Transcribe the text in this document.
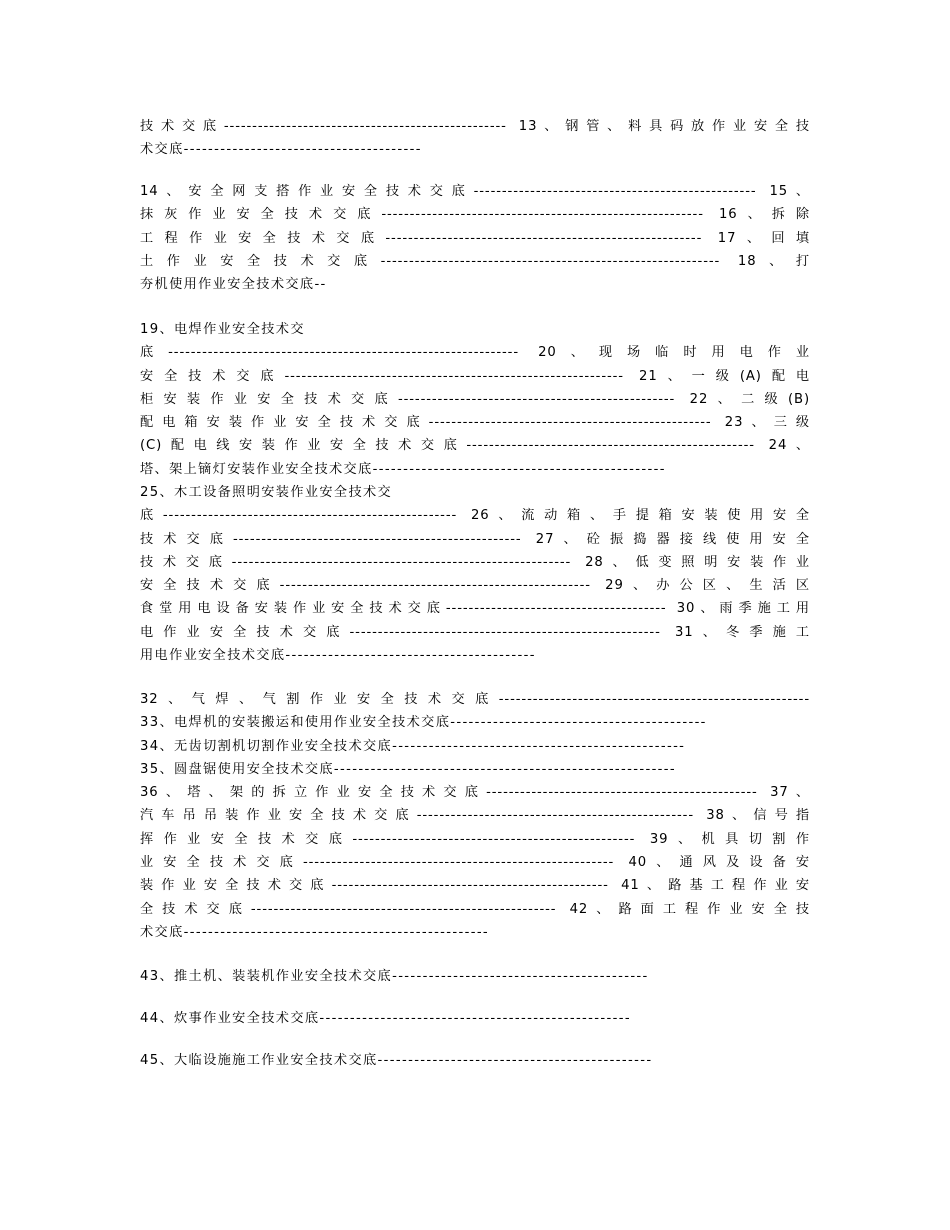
技术交底-------------------------------------------------- 13、钢管、料具码放作业安全技
术交底---------------------------------------
14、安全网支搭作业安全技术交底-------------------------------------------------- 15、
抹灰作业安全技术交底--------------------------------------------------------- 16、拆除
工程作业安全技术交底-------------------------------------------------------- 17、回填
土作业安全技术交底------------------------------------------------------------ 18、打
夯机使用作业安全技术交底--
19、电焊作业安全技术交
底-------------------------------------------------------------- 20、现场临时用电作业
安全技术交底------------------------------------------------------------ 21、一级(A)配电
柜安装作业安全技术交底------------------------------------------------- 22、二级(B)
配电箱安装作业安全技术交底-------------------------------------------------- 23、三级
(C)配电线安装作业安全技术交底--------------------------------------------------- 24、
塔、架上镝灯安装作业安全技术交底------------------------------------------------
25、木工设备照明安装作业安全技术交
底---------------------------------------------------- 26、流动箱、手提箱安装使用安全
技术交底--------------------------------------------------- 27、砼振捣器接线使用安全
技术交底------------------------------------------------------------ 28、低变照明安装作业
安全技术交底------------------------------------------------------- 29、办公区、生活区
食堂用电设备安装作业安全技术交底--------------------------------------- 30、雨季施工用
电作业安全技术交底------------------------------------------------------- 31、冬季施工
用电作业安全技术交底-----------------------------------------
32、气焊、气割作业安全技术交底-------------------------------------------------------
33、电焊机的安装搬运和使用作业安全技术交底------------------------------------------
34、无齿切割机切割作业安全技术交底------------------------------------------------
35、圆盘锯使用安全技术交底--------------------------------------------------------
36、塔、架的拆立作业安全技术交底------------------------------------------------ 37、
汽车吊吊装作业安全技术交底------------------------------------------------- 38、信号指
挥作业安全技术交底-------------------------------------------------- 39、机具切割作
业安全技术交底------------------------------------------------------- 40、通风及设备安
装作业安全技术交底------------------------------------------------- 41、路基工程作业安
全技术交底------------------------------------------------------ 42、路面工程作业安全技
术交底--------------------------------------------------
43、推土机、装装机作业安全技术交底------------------------------------------
44、炊事作业安全技术交底---------------------------------------------------
45、大临设施施工作业安全技术交底---------------------------------------------
